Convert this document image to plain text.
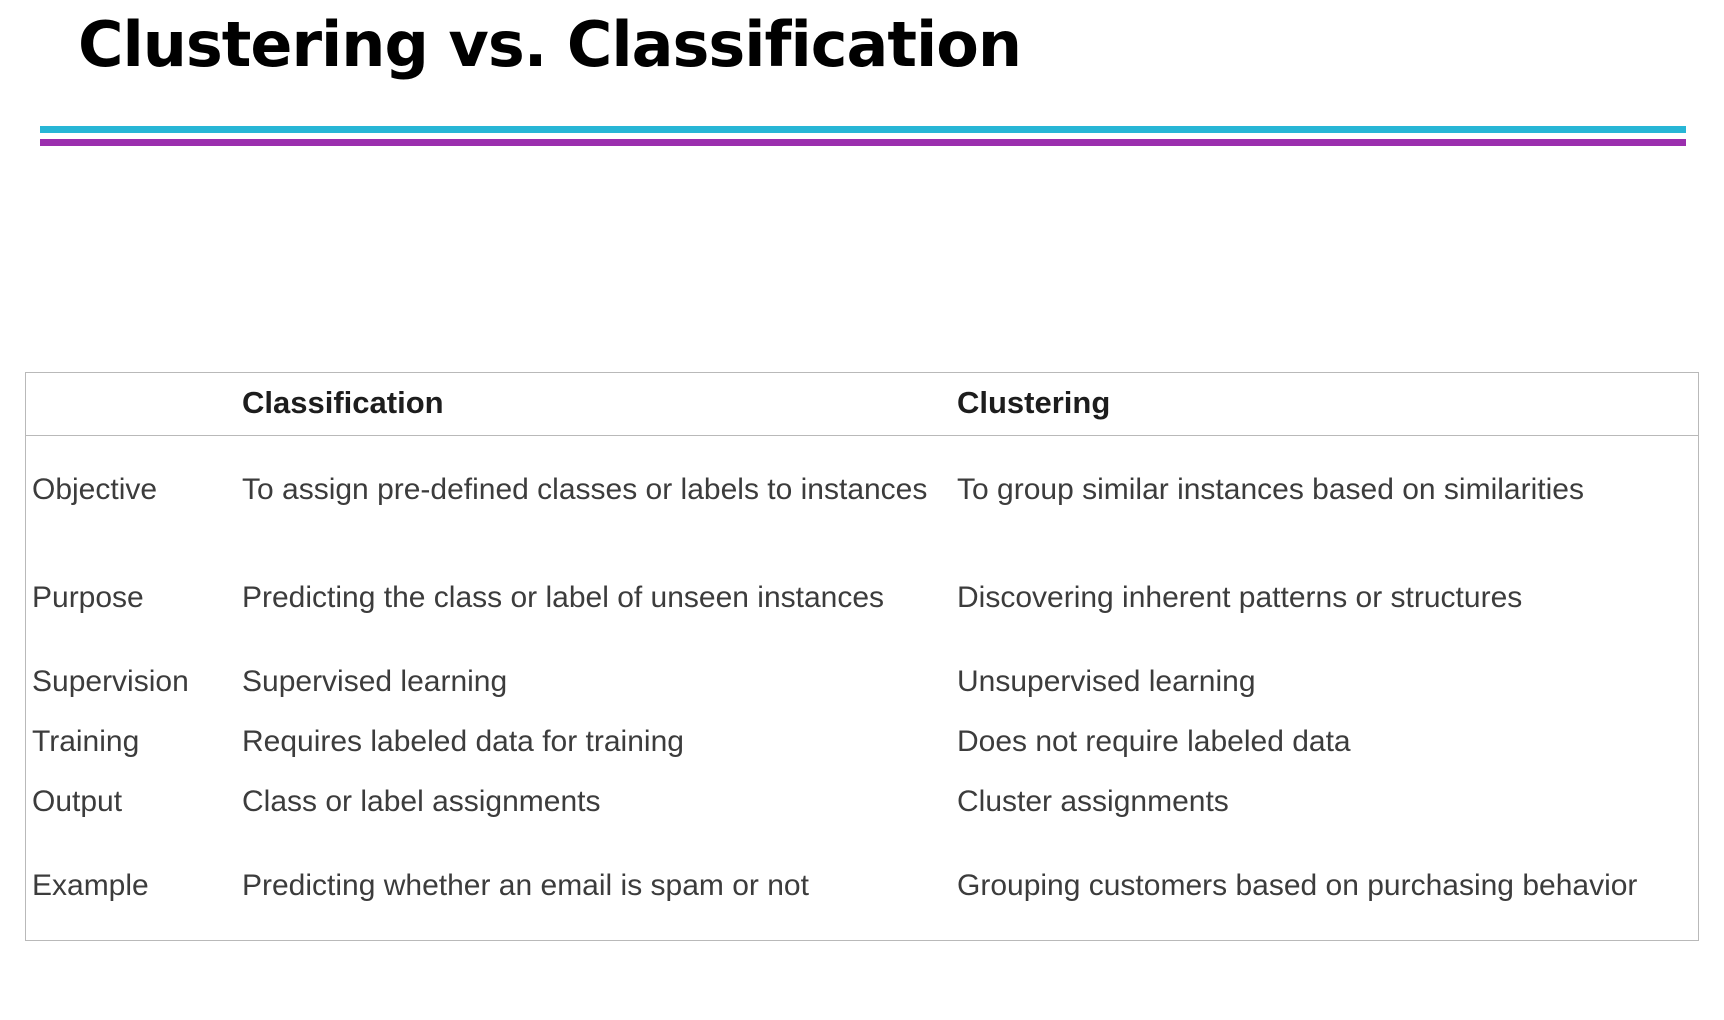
Clustering vs. Classification
	Classification	Clustering
Objective	To assign pre-defined classes or labels to instances	To group similar instances based on similarities
Purpose	Predicting the class or label of unseen instances	Discovering inherent patterns or structures
Supervision	Supervised learning	Unsupervised learning
Training	Requires labeled data for training	Does not require labeled data
Output	Class or label assignments	Cluster assignments
Example	Predicting whether an email is spam or not	Grouping customers based on purchasing behavior
